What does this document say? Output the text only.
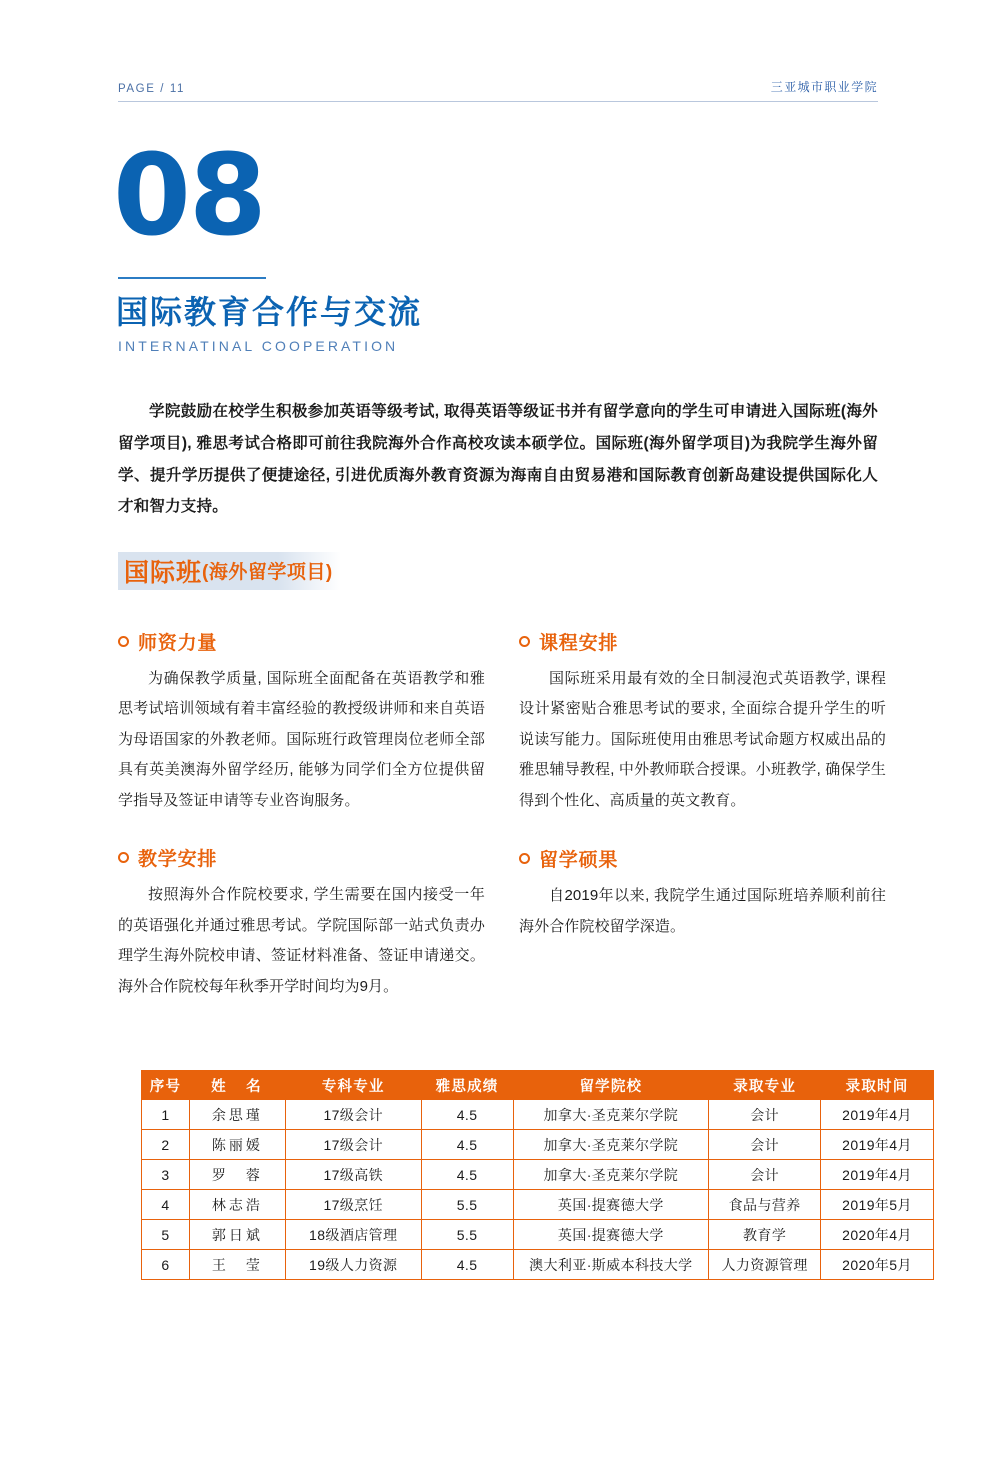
PAGE / 11	三亚城市职业学院
08
国际教育合作与交流
INTERNATINAL COOPERATION
学院鼓励在校学生积极参加英语等级考试, 取得英语等级证书并有留学意向的学生可申请进入国际班(海外留学项目), 雅思考试合格即可前往我院海外合作高校攻读本硕学位。国际班(海外留学项目)为我院学生海外留学、提升学历提供了便捷途径, 引进优质海外教育资源为海南自由贸易港和国际教育创新岛建设提供国际化人才和智力支持。
国际班 (海外留学项目)
师资力量
为确保教学质量, 国际班全面配备在英语教学和雅思考试培训领域有着丰富经验的教授级讲师和来自英语为母语国家的外教老师。国际班行政管理岗位老师全部具有英美澳海外留学经历, 能够为同学们全方位提供留学指导及签证申请等专业咨询服务。
教学安排
按照海外合作院校要求, 学生需要在国内接受一年的英语强化并通过雅思考试。学院国际部一站式负责办理学生海外院校申请、签证材料准备、签证申请递交。海外合作院校每年秋季开学时间均为9月。
课程安排
国际班采用最有效的全日制浸泡式英语教学, 课程设计紧密贴合雅思考试的要求, 全面综合提升学生的听说读写能力。国际班使用由雅思考试命题方权威出品的雅思辅导教程, 中外教师联合授课。小班教学, 确保学生得到个性化、高质量的英文教育。
留学硕果
自2019年以来, 我院学生通过国际班培养顺利前往海外合作院校留学深造。
序号	姓　名	专科专业	雅思成绩	留学院校	录取专业	录取时间
1	余思瑾	17级会计	4.5	加拿大·圣克莱尔学院	会计	2019年4月
2	陈丽媛	17级会计	4.5	加拿大·圣克莱尔学院	会计	2019年4月
3	罗　蓉	17级高铁	4.5	加拿大·圣克莱尔学院	会计	2019年4月
4	林志浩	17级烹饪	5.5	英国·提赛德大学	食品与营养	2019年5月
5	郭日斌	18级酒店管理	5.5	英国·提赛德大学	教育学	2020年4月
6	王　莹	19级人力资源	4.5	澳大利亚·斯威本科技大学	人力资源管理	2020年5月
